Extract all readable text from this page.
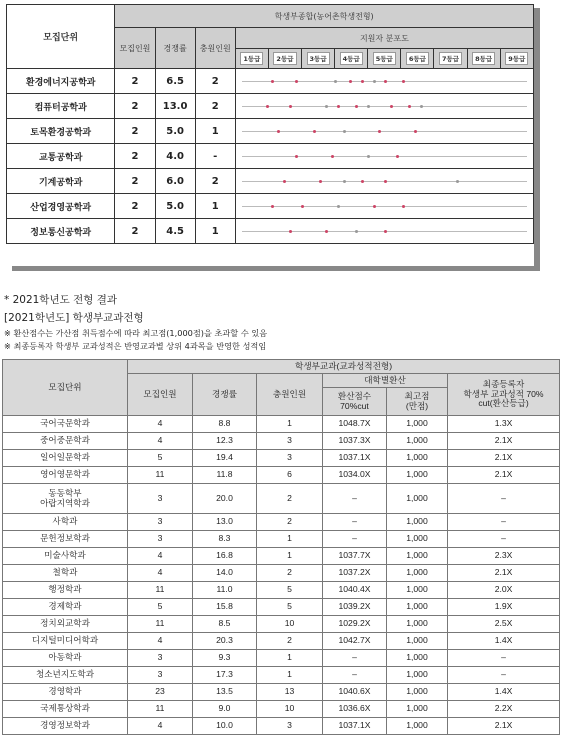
모집단위	학생부종합(농어촌학생전형)											
	모집인원	경쟁률	충원인원	지원자 분포도								
				1등급	2등급	3등급	4등급	5등급	6등급	7등급	8등급	9등급
환경에너지공학과	2	6.5	2									

컴퓨터공학과	2	13.0	2									

토목환경공학과	2	5.0	1									

교통공학과	2	4.0	-									

기계공학과	2	6.0	2									

산업경영공학과	2	5.0	1									

정보통신공학과	2	4.5	1									
* 2021학년도 전형 결과
[2021학년도] 학생부교과전형
※ 환산점수는 가산점 취득점수에 따라 최고점(1,000점)을 초과할 수 있음
※ 최종등록자 학생부 교과성적은 반영교과별 상위 4과목을 반영한 성적임
모집단위	학생부교과(교과성적전형)					
	모집인원	경쟁률	충원인원	대학별환산		최종등록자
학생부 교과성적 70%
cut(환산등급)
				환산점수
70%cut	최고점
(만점)	
국어국문학과	4	8.8	1	1048.7X	1,000	1.3X
중어중문학과	4	12.3	3	1037.3X	1,000	2.1X
일어일문학과	5	19.4	3	1037.1X	1,000	2.1X
영어영문학과	11	11.8	6	1034.0X	1,000	2.1X
동동학부
아랍지역학과	3	20.0	2	–	1,000	–
사학과	3	13.0	2	–	1,000	–
문헌정보학과	3	8.3	1	–	1,000	–
미술사학과	4	16.8	1	1037.7X	1,000	2.3X
철학과	4	14.0	2	1037.2X	1,000	2.1X
행정학과	11	11.0	5	1040.4X	1,000	2.0X
경제학과	5	15.8	5	1039.2X	1,000	1.9X
정치외교학과	11	8.5	10	1029.2X	1,000	2.5X
디지털미디어학과	4	20.3	2	1042.7X	1,000	1.4X
아동학과	3	9.3	1	–	1,000	–
청소년지도학과	3	17.3	1	–	1,000	–
경영학과	23	13.5	13	1040.6X	1,000	1.4X
국제통상학과	11	9.0	10	1036.6X	1,000	2.2X
경영정보학과	4	10.0	3	1037.1X	1,000	2.1X
